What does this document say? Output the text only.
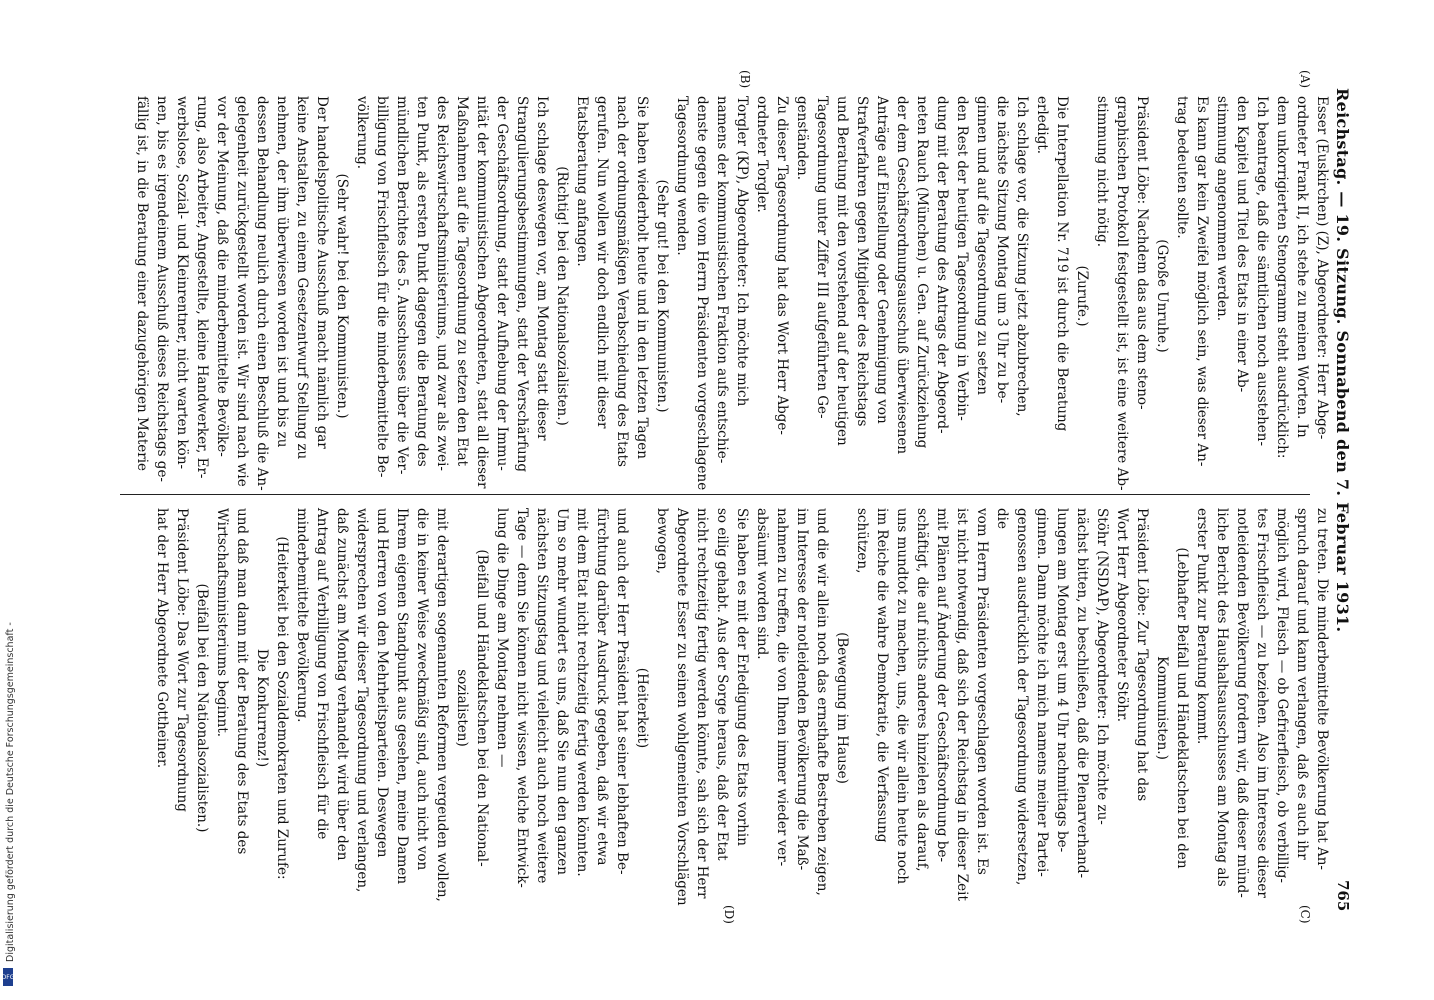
Reichstag. — 19. Sitzung. Sonnabend den 7. Februar 1931.
765
(A)
(B)
(C)
(D)
Esser (Euskirchen) (Z), Abgeordneter: Herr Abge-
ordneter Frank II, ich stehe zu meinen Worten. In
dem unkorrigierten Stenogramm steht ausdrücklich:
Ich beantrage, daß die sämtlichen noch ausstehen-
den Kapitel und Titel des Etats in einer Ab-
stimmung angenommen werden.
Es kann gar kein Zweifel möglich sein, was dieser An-
trag bedeuten sollte.
(Große Unruhe.)
Präsident Löbe: Nachdem das aus dem steno-
graphischen Protokoll festgestellt ist, ist eine weitere Ab-
stimmung nicht nötig.
(Zurufe.)
Die Interpellation Nr. 719 ist durch die Beratung
erledigt.
Ich schlage vor, die Sitzung jetzt abzubrechen,
die nächste Sitzung Montag um 3 Uhr zu be-
ginnen und auf die Tagesordnung zu setzen
den Rest der heutigen Tagesordnung in Verbin-
dung mit der Beratung des Antrags der Abgeord-
neten Rauch (München) u. Gen. auf Zurückziehung
der dem Geschäftsordnungsausschuß überwiesenen
Anträge auf Einstellung oder Genehmigung von
Strafverfahren gegen Mitglieder des Reichstags
und Beratung mit den vorstehend auf der heutigen
Tagesordnung unter Ziffer III aufgeführten Ge-
genständen.
Zu dieser Tagesordnung hat das Wort Herr Abge-
ordneter Torgler.
Torgler (KP), Abgeordneter: Ich möchte mich
namens der kommunistischen Fraktion aufs entschie-
denste gegen die vom Herrn Präsidenten vorgeschlagene
Tagesordnung wenden.
(Sehr gut! bei den Kommunisten.)
Sie haben wiederholt heute und in den letzten Tagen
nach der ordnungsmäßigen Verabschiedung des Etats
gerufen. Nun wollen wir doch endlich mit dieser
Etatsberatung anfangen.
(Richtig! bei den Nationalsozialisten.)
Ich schlage deswegen vor, am Montag statt dieser
Strangulierungsbestimmungen, statt der Verschärfung
der Geschäftsordnung, statt der Aufhebung der Immu-
nität der kommunistischen Abgeordneten, statt all dieser
Maßnahmen auf die Tagesordnung zu setzen den Etat
des Reichswirtschaftsministeriums, und zwar als zwei-
ten Punkt, als ersten Punkt dagegen die Beratung des
mündlichen Berichtes des 5. Ausschusses über die Ver-
billigung von Frischfleisch für die minderbemittelte Be-
völkerung.
(Sehr wahr! bei den Kommunisten.)
Der handelspolitische Ausschuß macht nämlich gar
keine Anstalten, zu einem Gesetzentwurf Stellung zu
nehmen, der ihm überwiesen worden ist und bis zu
dessen Behandlung neulich durch einen Beschluß die An-
gelegenheit zurückgestellt worden ist. Wir sind nach wie
vor der Meinung, daß die minderbemittelte Bevölke-
rung, also Arbeiter, Angestellte, kleine Handwerker, Er-
werbslose, Sozial- und Kleinrentner, nicht warten kön-
nen, bis es irgendeinem Ausschuß dieses Reichstags ge-
fällig ist, in die Beratung einer dazugehörigen Materie
zu treten. Die minderbemittelte Bevölkerung hat An-
spruch darauf und kann verlangen, daß es auch ihr
möglich wird, Fleisch — ob Gefrierfleisch, ob verbillig-
tes Frischfleisch — zu beziehen. Also im Interesse dieser
notleidenden Bevölkerung fordern wir, daß dieser münd-
liche Bericht des Haushaltsausschusses am Montag als
erster Punkt zur Beratung kommt.
(Lebhafter Beifall und Händeklatschen bei den
Kommunisten.)
Präsident Löbe: Zur Tagesordnung hat das
Wort Herr Abgeordneter Stöhr.
Stöhr (NSDAP), Abgeordneter: Ich möchte zu-
nächst bitten, zu beschließen, daß die Plenarverhand-
lungen am Montag erst um 4 Uhr nachmittags be-
ginnen. Dann möchte ich mich namens meiner Partei-
genossen ausdrücklich der Tagesordnung widersetzen, die
vom Herrn Präsidenten vorgeschlagen worden ist. Es
ist nicht notwendig, daß sich der Reichstag in dieser Zeit
mit Plänen auf Änderung der Geschäftsordnung be-
schäftigt, die auf nichts anderes hinzielen als darauf,
uns mundtot zu machen, uns, die wir allein heute noch
im Reiche die wahre Demokratie, die Verfassung
schützen,
(Bewegung im Hause)
und die wir allein noch das ernsthafte Bestreben zeigen,
im Interesse der notleidenden Bevölkerung die Maß-
nahmen zu treffen, die von Ihnen immer wieder ver-
absäumt worden sind.
Sie haben es mit der Erledigung des Etats vorhin
so eilig gehabt. Aus der Sorge heraus, daß der Etat
nicht rechtzeitig fertig werden könnte, sah sich der Herr
Abgeordnete Esser zu seinen wohlgemeinten Vorschlägen
bewogen,
(Heiterkeit)
und auch der Herr Präsident hat seiner lebhaften Be-
fürchtung darüber Ausdruck gegeben, daß wir etwa
mit dem Etat nicht rechtzeitig fertig werden könnten.
Um so mehr wundert es uns, daß Sie nun den ganzen
nächsten Sitzungstag und vielleicht auch noch weitere
Tage — denn Sie können nicht wissen, welche Entwick-
lung die Dinge am Montag nehmen —
(Beifall und Händeklatschen bei den National-
sozialisten)
mit derartigen sogenannten Reformen vergeuden wollen,
die in keiner Weise zweckmäßig sind, auch nicht von
Ihrem eigenen Standpunkt aus gesehen, meine Damen
und Herren von den Mehrheitsparteien. Deswegen
widersprechen wir dieser Tagesordnung und verlangen,
daß zunächst am Montag verhandelt wird über den
Antrag auf Verbilligung von Frischfleisch für die
minderbemittelte Bevölkerung.
(Heiterkeit bei den Sozialdemokraten und Zurufe:
Die Konkurrenz!)
und daß man dann mit der Beratung des Etats des
Wirtschaftsministeriums beginnt.
(Beifall bei den Nationalsozialisten.)
Präsident Löbe: Das Wort zur Tagesordnung
hat der Herr Abgeordnete Gottheiner.
Digitalisierung gefördert durch die Deutsche Forschungsgemeinschaft -
DFG
